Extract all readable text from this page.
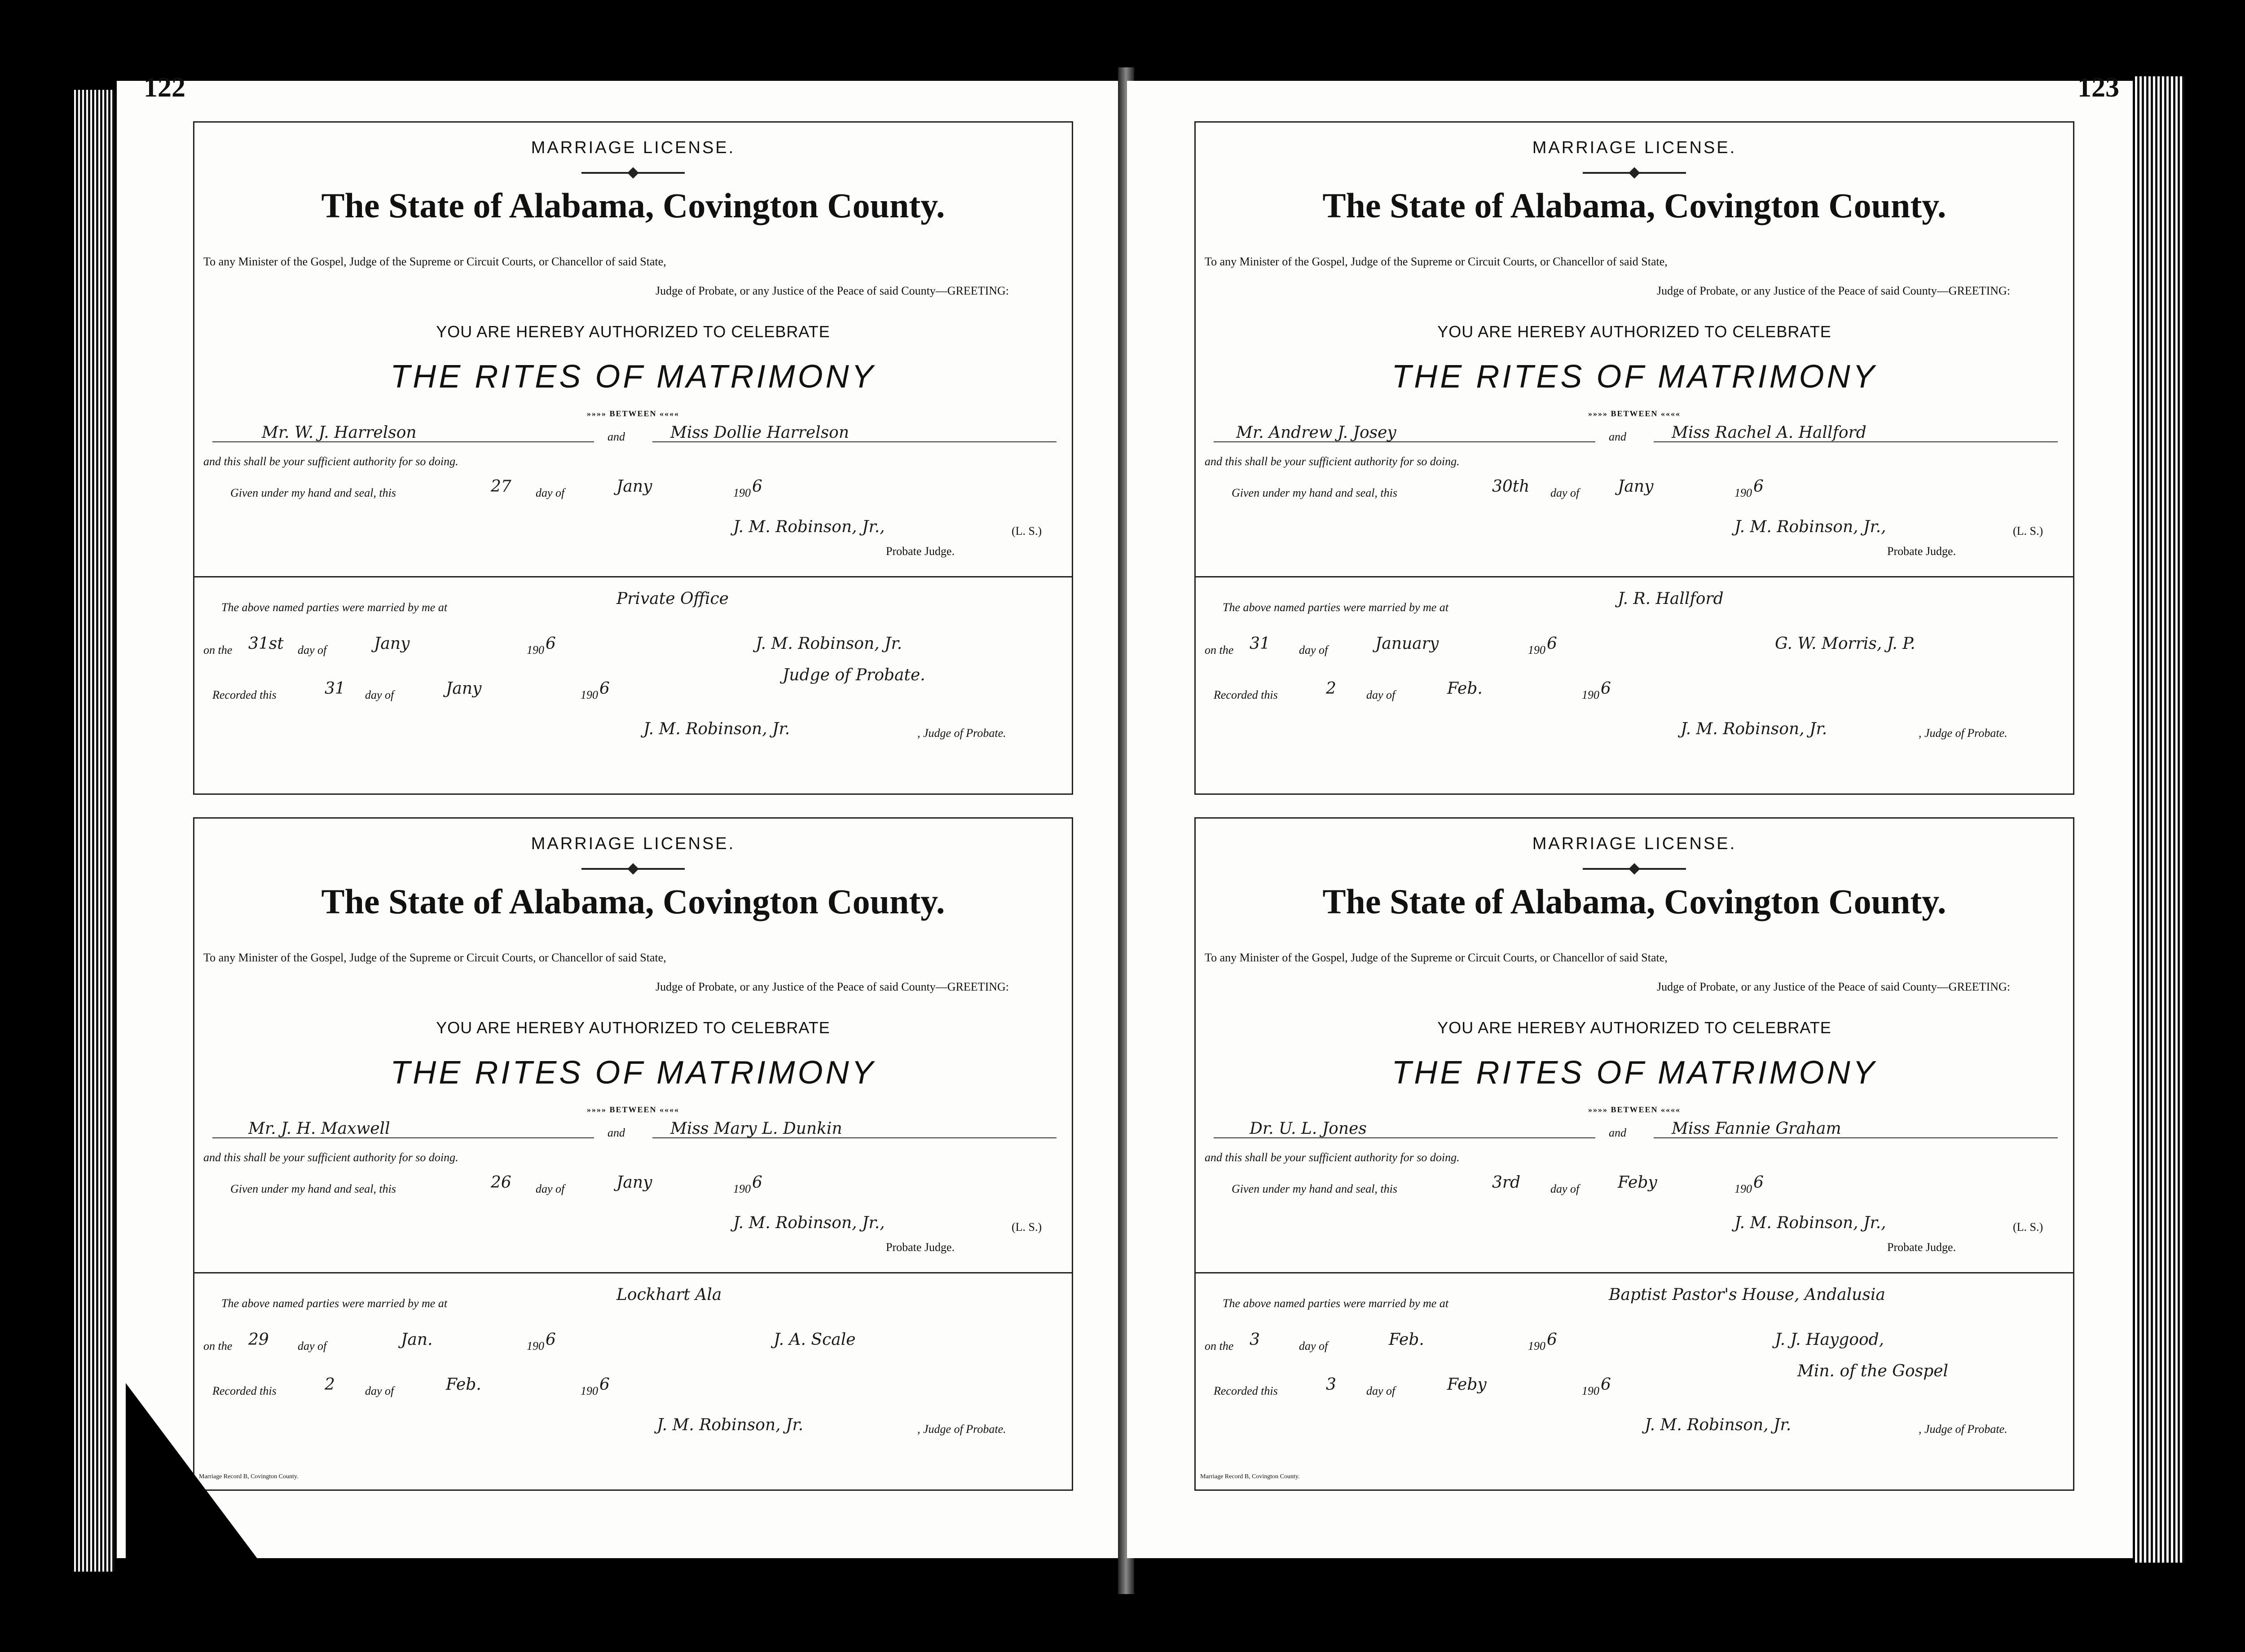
122
MARRIAGE LICENSE.
The State of Alabama, Covington County.
To any Minister of the Gospel, Judge of the Supreme or Circuit Courts, or Chancellor of said State,
Judge of Probate, or any Justice of the Peace of said County—GREETING:
YOU ARE HEREBY AUTHORIZED TO CELEBRATE
THE RITES OF MATRIMONY
»»»» BETWEEN ««««
Mr. W. J. Harrelson	and	Miss Dollie Harrelson
and this shall be your sufficient authority for so doing.
Given under my hand and seal, this	27 day of	Jany	190 6
J. M. Robinson, Jr.,	(L. S.)
Probate Judge.
The above named parties were married by me at	Private Office
on the 31st day of	Jany	190 6	J. M. Robinson, Jr.
Judge of Probate.
Recorded this	31 day of	Jany	190 6
J. M. Robinson, Jr.	, Judge of Probate.
MARRIAGE LICENSE.
The State of Alabama, Covington County.
To any Minister of the Gospel, Judge of the Supreme or Circuit Courts, or Chancellor of said State,
Judge of Probate, or any Justice of the Peace of said County—GREETING:
YOU ARE HEREBY AUTHORIZED TO CELEBRATE
THE RITES OF MATRIMONY
»»»» BETWEEN ««««
Mr. J. H. Maxwell	and	Miss Mary L. Dunkin
and this shall be your sufficient authority for so doing.
Given under my hand and seal, this	26 day of	Jany	190 6
J. M. Robinson, Jr.,	(L. S.)
Probate Judge.
The above named parties were married by me at	Lockhart Ala
on the 29 day of	Jan.	190 6	J. A. Scale
Recorded this	2	day of	Feb.	190 6
J. M. Robinson, Jr.	, Judge of Probate.
Marriage Record B, Covington County.
123
MARRIAGE LICENSE.
The State of Alabama, Covington County.
To any Minister of the Gospel, Judge of the Supreme or Circuit Courts, or Chancellor of said State,
Judge of Probate, or any Justice of the Peace of said County—GREETING:
YOU ARE HEREBY AUTHORIZED TO CELEBRATE
THE RITES OF MATRIMONY
»»»» BETWEEN ««««
Mr. Andrew J. Josey	and	Miss Rachel A. Hallford
and this shall be your sufficient authority for so doing.
Given under my hand and seal, this	30th day of Jany	190 6
J. M. Robinson, Jr.,	(L. S.)
Probate Judge.
The above named parties were married by me at	J. R. Hallford
on the 31 day of	January	190 6	G. W. Morris, J. P.
Recorded this	2	day of	Feb.	190 6
J. M. Robinson, Jr.	, Judge of Probate.
MARRIAGE LICENSE.
The State of Alabama, Covington County.
To any Minister of the Gospel, Judge of the Supreme or Circuit Courts, or Chancellor of said State,
Judge of Probate, or any Justice of the Peace of said County—GREETING:
YOU ARE HEREBY AUTHORIZED TO CELEBRATE
THE RITES OF MATRIMONY
»»»» BETWEEN ««««
Dr. U. L. Jones	and	Miss Fannie Graham
and this shall be your sufficient authority for so doing.
Given under my hand and seal, this	3rd	day of Feby	190 6
J. M. Robinson, Jr.,	(L. S.)
Probate Judge.
The above named parties were married by me at	Baptist Pastor's House, Andalusia
on the 3	day of	Feb.	190 6	J. J. Haygood,
Min. of the Gospel
Recorded this	3	day of	Feby	190 6
J. M. Robinson, Jr.	, Judge of Probate.
Marriage Record B, Covington County.
